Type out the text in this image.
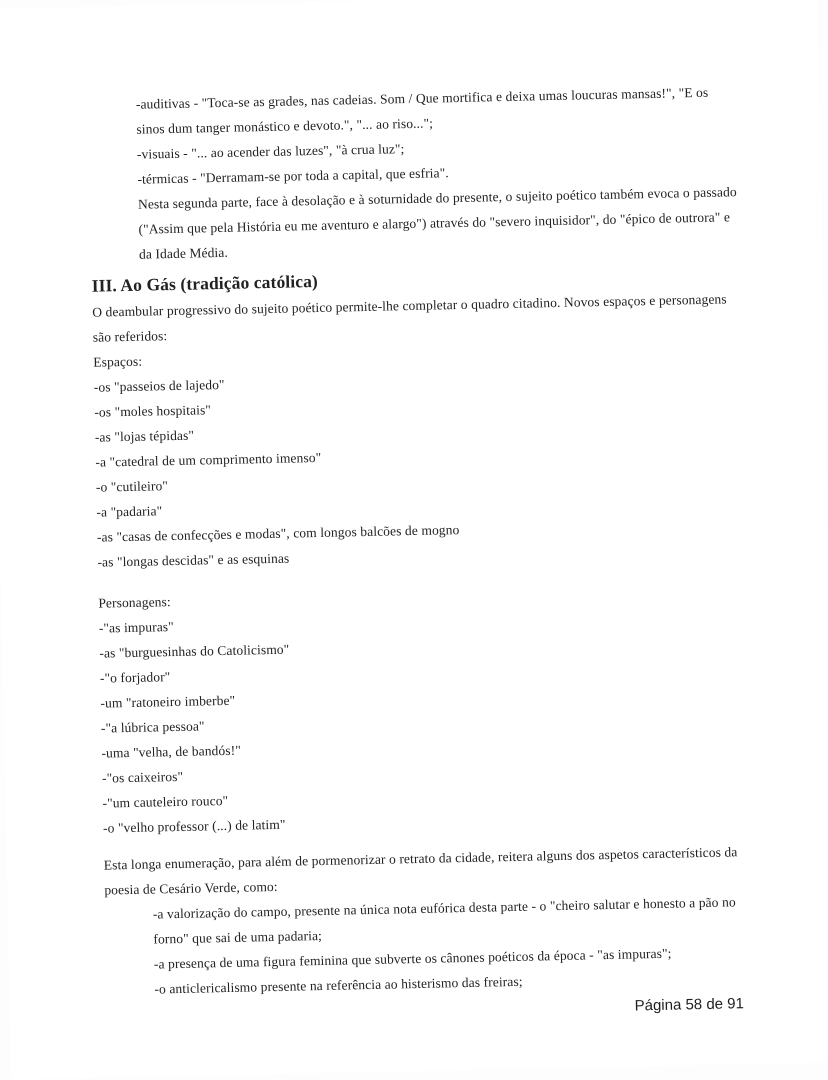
-auditivas - "Toca-se as grades, nas cadeias. Som / Que mortifica e deixa umas loucuras mansas!", "E os sinos dum tanger monástico e devoto.", "... ao riso...";

-visuais - "... ao acender das luzes", "à crua luz";

-térmicas - "Derramam-se por toda a capital, que esfria".

Nesta segunda parte, face à desolação e à soturnidade do presente, o sujeito poético também evoca o passado ("Assim que pela História eu me aventuro e alargo") através do "severo inquisidor", do "épico de outrora" e da Idade Média.

III. Ao Gás (tradição católica)

O deambular progressivo do sujeito poético permite-lhe completar o quadro citadino. Novos espaços e personagens são referidos:

Espaços:

-os "passeios de lajedo"

-os "moles hospitais"

-as "lojas tépidas"

-a "catedral de um comprimento imenso"

-o "cutileiro"

-a "padaria"

-as "casas de confecções e modas", com longos balcões de mogno

-as "longas descidas" e as esquinas

Personagens:

-"as impuras"

-as "burguesinhas do Catolicismo"

-"o forjador"

-um "ratoneiro imberbe"

-"a lúbrica pessoa"

-uma "velha, de bandós!"

-"os caixeiros"

-"um cauteleiro rouco"

-o "velho professor (...) de latim"

Esta longa enumeração, para além de pormenorizar o retrato da cidade, reitera alguns dos aspetos característicos da poesia de Cesário Verde, como:

-a valorização do campo, presente na única nota eufórica desta parte - o "cheiro salutar e honesto a pão no forno" que sai de uma padaria;

-a presença de uma figura feminina que subverte os cânones poéticos da época - "as impuras";

-o anticlericalismo presente na referência ao histerismo das freiras;

Página 58 de 91
